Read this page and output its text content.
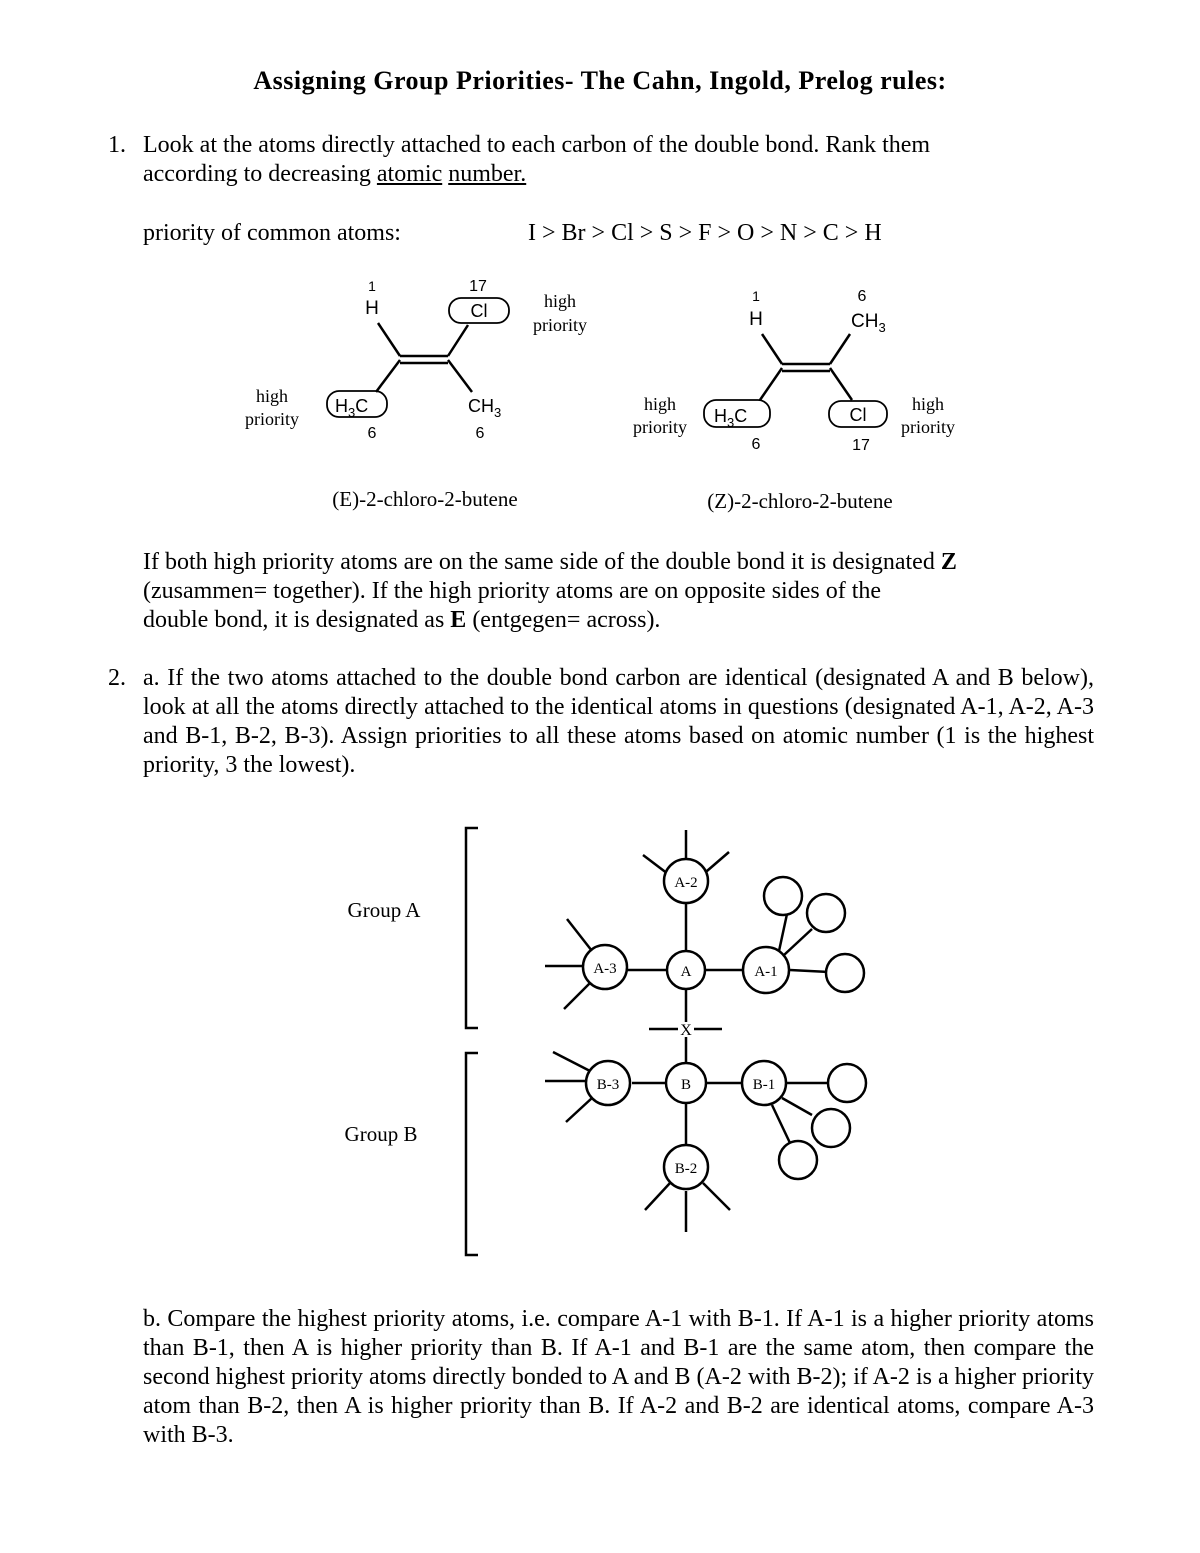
Assigning Group Priorities- The Cahn, Ingold, Prelog rules:
1. Look at the atoms directly attached to each carbon of the double bond. Rank them
according to decreasing atomic number.
priority of common atoms:	I > Br > Cl > S > F > O > N > C > H
1
H
17
Cl	high
priority
$H_3C$
6
high
priority
$CH_3$
6
1
H
6
$CH_3$
$H_3C$
6
high
priority
Cl
17
high
priority
(E)-2-chloro-2-butene	(Z)-2-chloro-2-butene
If both high priority atoms are on the same side of the double bond it is designated Z
(zusammen= together). If the high priority atoms are on opposite sides of the
double bond, it is designated as E (entgegen= across).
2. a. If the two atoms attached to the double bond carbon are identical (designated A and B below), look at all the atoms directly attached to the identical atoms in questions (designated A-1, A-2, A-3 and B-1, B-2, B-3). Assign priorities to all these atoms based on atomic number (1 is the highest priority, 3 the lowest).
A-2
A-3	A	A-1
B-3	B	B-1
B-2
X
Group A
Group B
b. Compare the highest priority atoms, i.e. compare A-1 with B-1. If A-1 is a higher priority atoms than B-1, then A is higher priority than B. If A-1 and B-1 are the same atom, then compare the second highest priority atoms directly bonded to A and B (A-2 with B-2); if A-2 is a higher priority atom than B-2, then A is higher priority than B. If A-2 and B-2 are identical atoms, compare A-3 with B-3.
